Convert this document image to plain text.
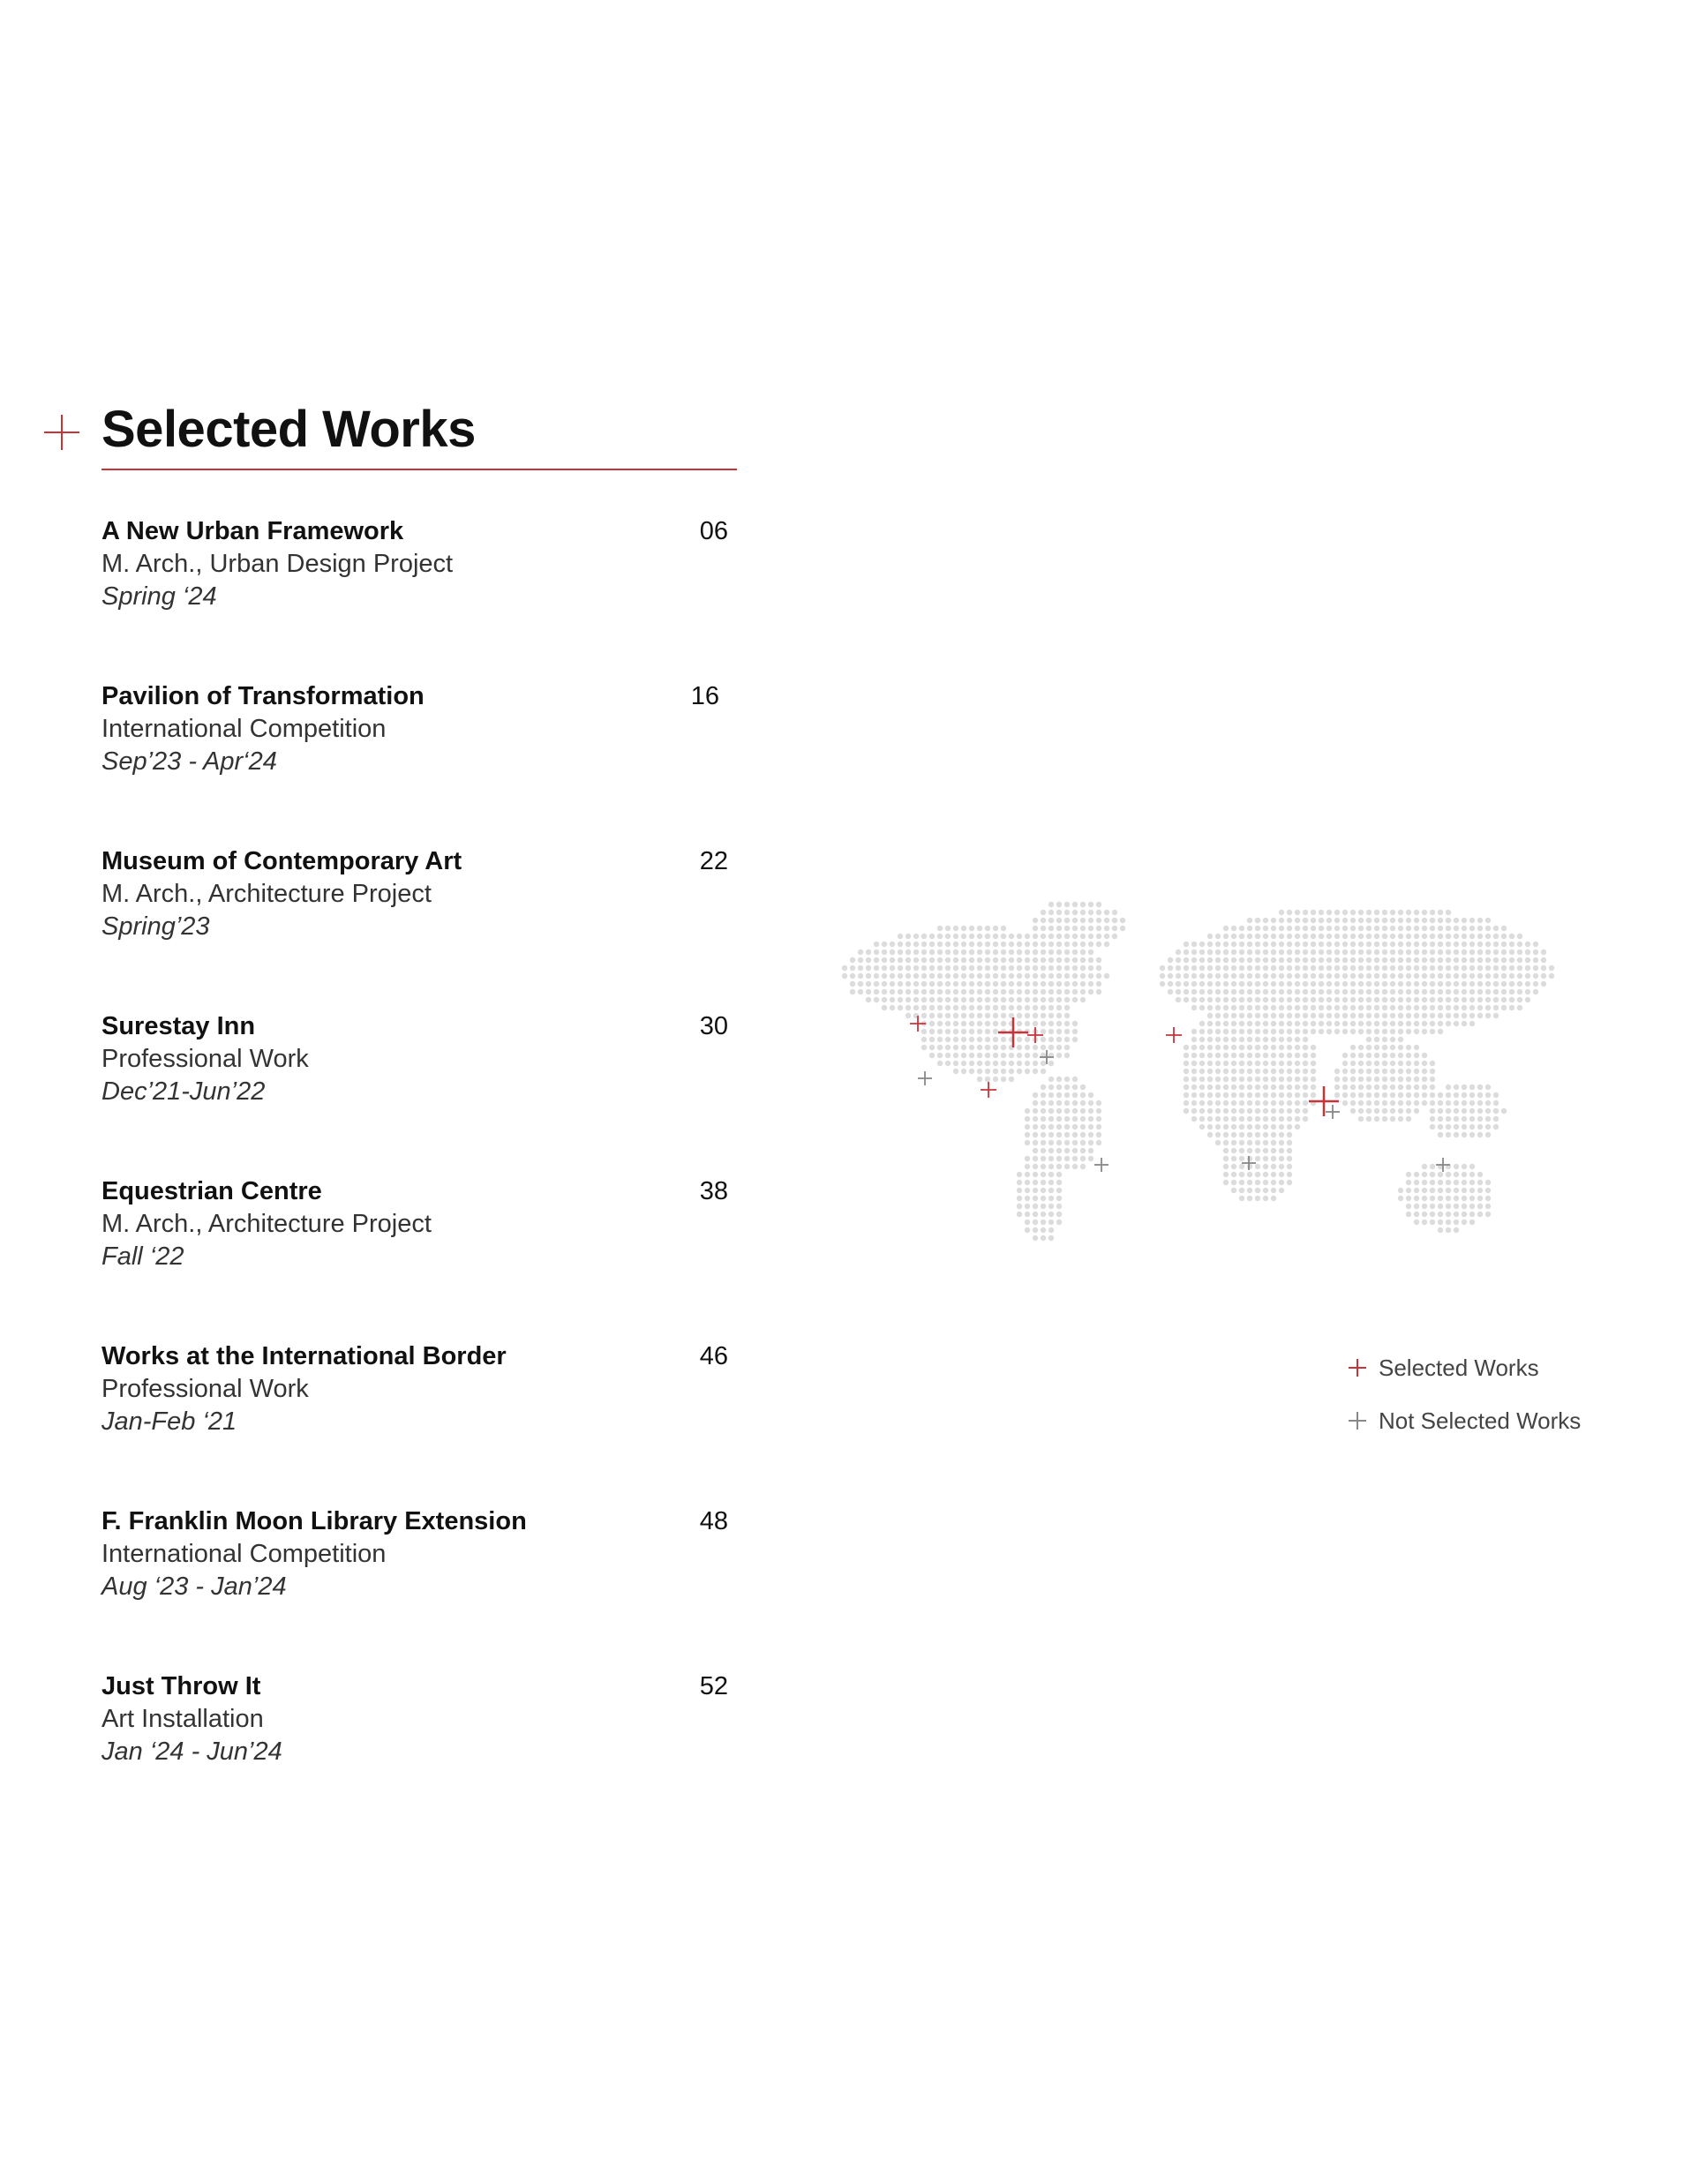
Selected Works
A New Urban Framework
M. Arch., Urban Design Project
Spring ‘24
06
Pavilion of Transformation
International Competition
Sep’23 - Apr‘24
16
Museum of Contemporary Art
M. Arch., Architecture Project
Spring’23
22
Surestay Inn
Professional Work
Dec’21-Jun’22
30
Equestrian Centre
M. Arch., Architecture Project
Fall ‘22
38
Works at the International Border
Professional Work
Jan-Feb ‘21
46
F. Franklin Moon Library Extension
International Competition
Aug ‘23 - Jan’24
48
Just Throw It
Art Installation
Jan ‘24 - Jun’24
52
Selected Works
Not Selected Works
